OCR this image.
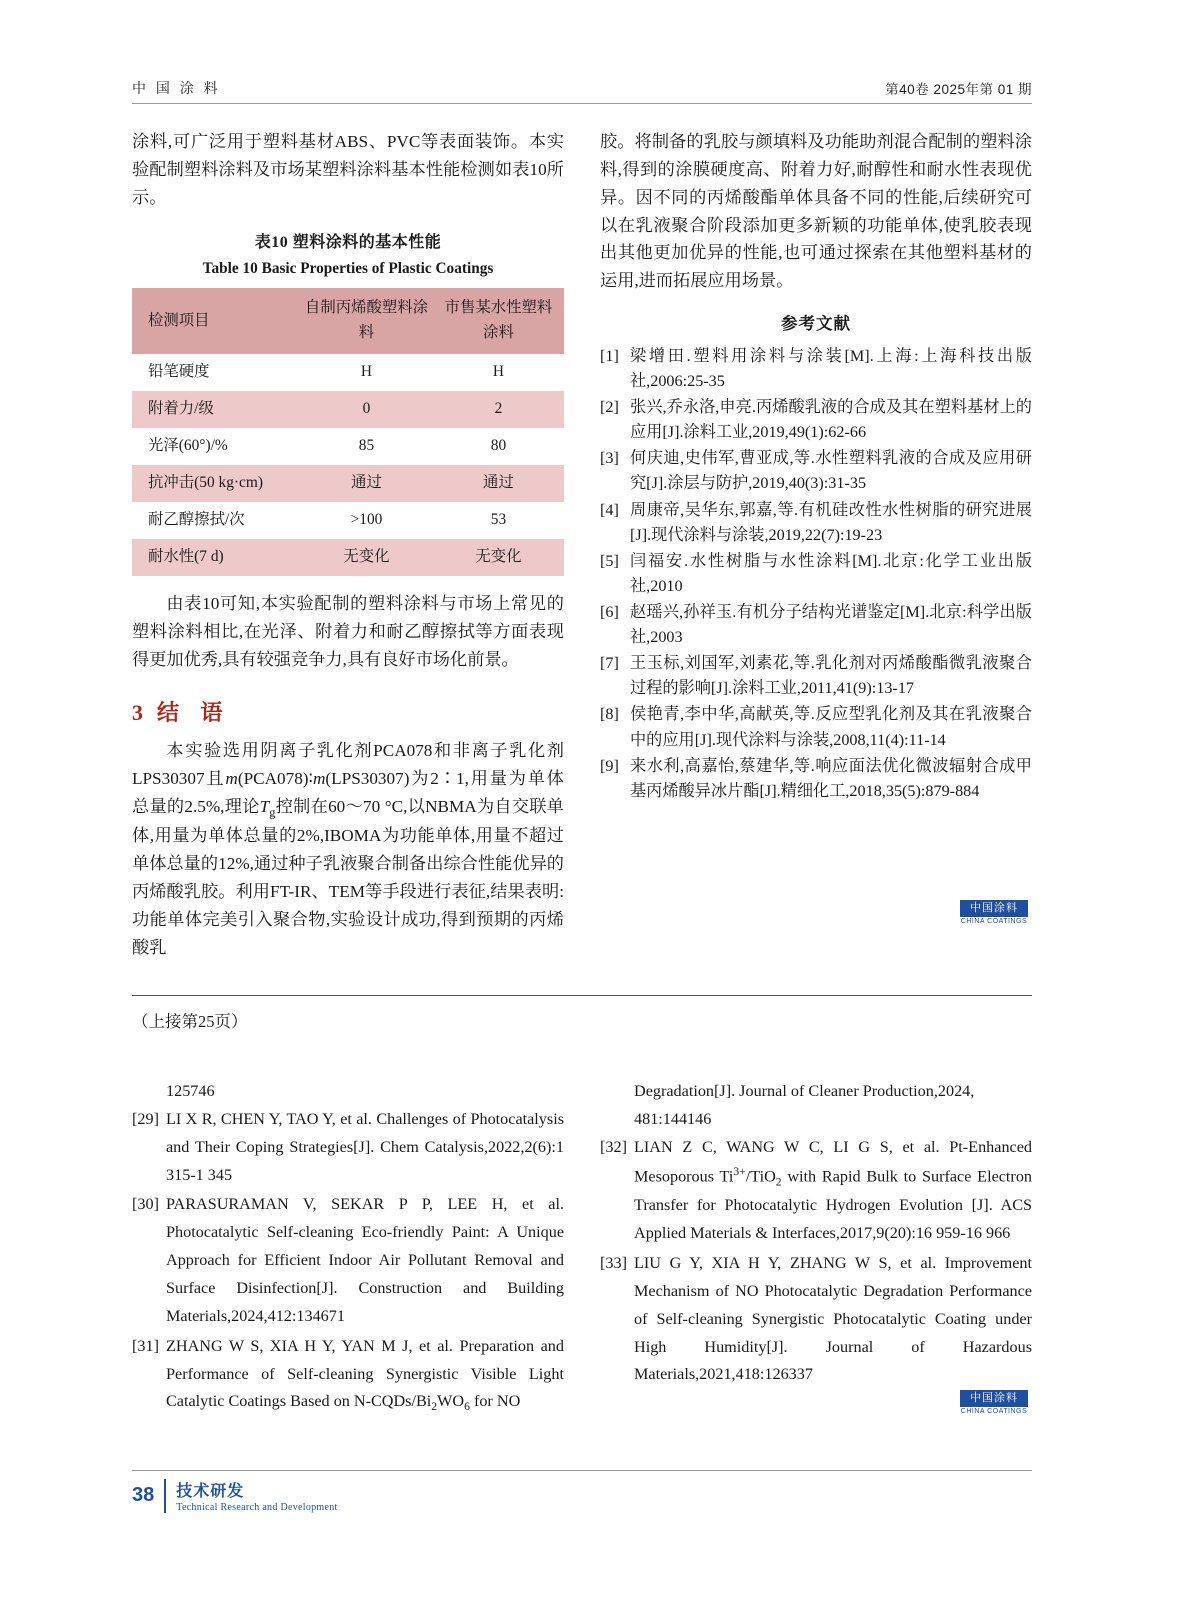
中 国 涂 料	第40卷 2025年第 01 期

涂料,可广泛用于塑料基材ABS、PVC等表面装饰。本实验配制塑料涂料及市场某塑料涂料基本性能检测如表10所示。

表10 塑料涂料的基本性能
Table 10 Basic Properties of Plastic Coatings
检测项目	自制丙烯酸塑料涂料	市售某水性塑料涂料
铅笔硬度	H	H
附着力/级	0	2
光泽(60°)/%	85	80
抗冲击(50 kg·cm)	通过	通过
耐乙醇擦拭/次	>100	53
耐水性(7 d)	无变化	无变化

由表10可知,本实验配制的塑料涂料与市场上常见的塑料涂料相比,在光泽、附着力和耐乙醇擦拭等方面表现得更加优秀,具有较强竞争力,具有良好市场化前景。

3 结 语

本实验选用阴离子乳化剂PCA078和非离子乳化剂LPS30307且m(PCA078)∶m(LPS30307)为2∶1,用量为单体总量的2.5%,理论$T_g$控制在60～70 °C,以NBMA为自交联单体,用量为单体总量的2%,IBOMA为功能单体,用量不超过单体总量的12%,通过种子乳液聚合制备出综合性能优异的丙烯酸乳胶。利用FT-IR、TEM等手段进行表征,结果表明:功能单体完美引入聚合物,实验设计成功,得到预期的丙烯酸乳

胶。将制备的乳胶与颜填料及功能助剂混合配制的塑料涂料,得到的涂膜硬度高、附着力好,耐醇性和耐水性表现优异。因不同的丙烯酸酯单体具备不同的性能,后续研究可以在乳液聚合阶段添加更多新颖的功能单体,使乳胶表现出其他更加优异的性能,也可通过探索在其他塑料基材的运用,进而拓展应用场景。

参考文献
[1] 梁增田.塑料用涂料与涂装[M].上海:上海科技出版社,2006:25-35
[2] 张兴,乔永洛,申亮.丙烯酸乳液的合成及其在塑料基材上的应用[J].涂料工业,2019,49(1):62-66
[3] 何庆迪,史伟军,曹亚成,等.水性塑料乳液的合成及应用研究[J].涂层与防护,2019,40(3):31-35
[4] 周康帝,吴华东,郭嘉,等.有机硅改性水性树脂的研究进展[J].现代涂料与涂装,2019,22(7):19-23
[5] 闫福安.水性树脂与水性涂料[M].北京:化学工业出版社,2010
[6] 赵瑶兴,孙祥玉.有机分子结构光谱鉴定[M].北京:科学出版社,2003
[7] 王玉标,刘国军,刘素花,等.乳化剂对丙烯酸酯微乳液聚合过程的影响[J].涂料工业,2011,41(9):13-17
[8] 侯艳青,李中华,高献英,等.反应型乳化剂及其在乳液聚合中的应用[J].现代涂料与涂装,2008,11(4):11-14
[9] 来水利,高嘉怡,蔡建华,等.响应面法优化微波辐射合成甲基丙烯酸异冰片酯[J].精细化工,2018,35(5):879-884
中国涂料
CHINA COATINGS
（上接第25页）
125746
[29] LI X R, CHEN Y, TAO Y, et al. Challenges of Photocatalysis and Their Coping Strategies[J]. Chem Catalysis,2022,2(6):1 315-1 345
[30] PARASURAMAN V, SEKAR P P, LEE H, et al. Photocatalytic Self-cleaning Eco-friendly Paint: A Unique Approach for Efficient Indoor Air Pollutant Removal and Surface Disinfection[J]. Construction and Building Materials,2024,412:134671
[31] ZHANG W S, XIA H Y, YAN M J, et al. Preparation and Performance of Self-cleaning Synergistic Visible Light Catalytic Coatings Based on $N-CQDs/Bi_2WO_6$ for NO
Degradation[J]. Journal of Cleaner Production,2024, 481:144146
[32] LIAN Z C, WANG W C, LI G S, et al. Pt-Enhanced Mesoporous $Ti^{3+}/TiO_2$ with Rapid Bulk to Surface Electron Transfer for Photocatalytic Hydrogen Evolution [J]. ACS Applied Materials & Interfaces,2017,9(20):16 959-16 966
[33] LIU G Y, XIA H Y, ZHANG W S, et al. Improvement Mechanism of NO Photocatalytic Degradation Performance of Self-cleaning Synergistic Photocatalytic Coating under High Humidity[J]. Journal of Hazardous Materials,2021,418:126337
中国涂料
CHINA COATINGS
38 技术研发
Technical Research and Development
